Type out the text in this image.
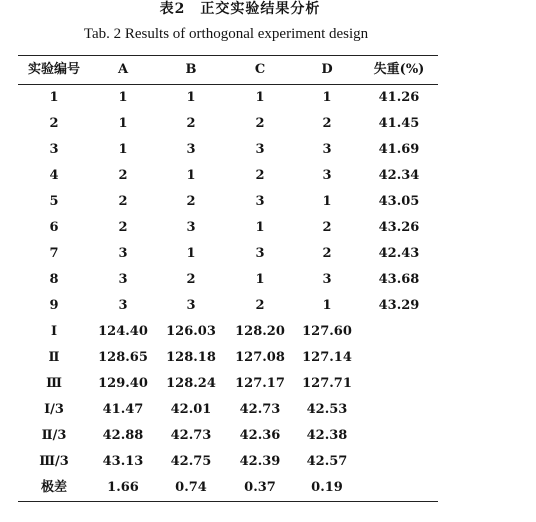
表2　正交实验结果分析
Tab. 2 Results of orthogonal experiment design
实验编号	A	B	C	D	失重(%)
1	1	1	1	1	41.26
2	1	2	2	2	41.45
3	1	3	3	3	41.69
4	2	1	2	3	42.34
5	2	2	3	1	43.05
6	2	3	1	2	43.26
7	3	1	3	2	42.43
8	3	2	1	3	43.68
9	3	3	2	1	43.29
Ⅰ	124.40	126.03	128.20	127.60	
Ⅱ	128.65	128.18	127.08	127.14	
Ⅲ	129.40	128.24	127.17	127.71	
Ⅰ/3	41.47	42.01	42.73	42.53	
Ⅱ/3	42.88	42.73	42.36	42.38	
Ⅲ/3	43.13	42.75	42.39	42.57	
极差	1.66	0.74	0.37	0.19	
